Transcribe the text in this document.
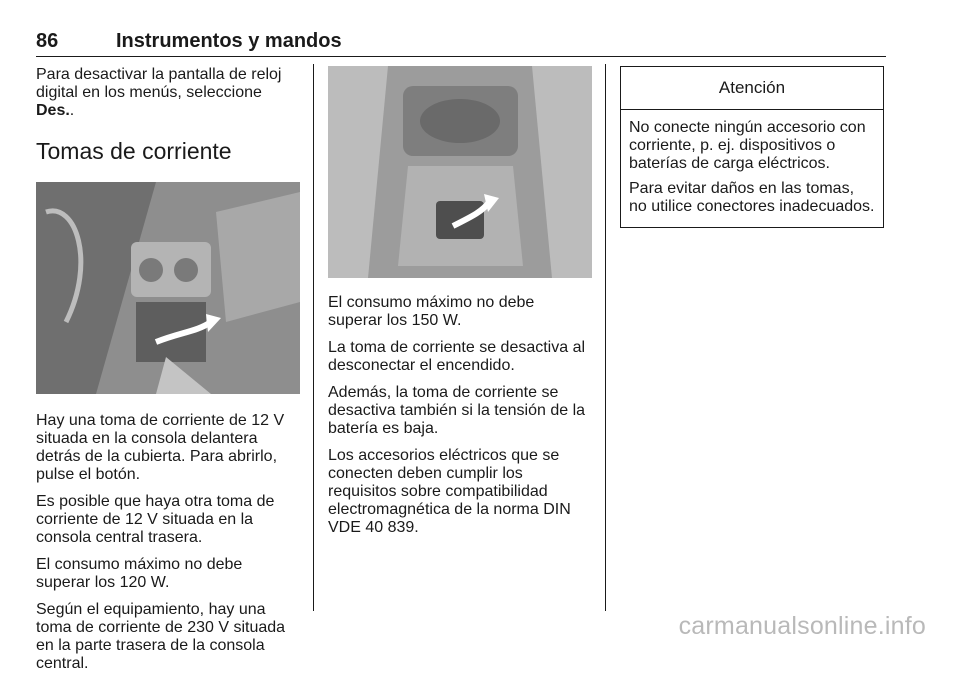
86	Instrumentos y mandos

Para desactivar la pantalla de reloj digital en los menús, seleccione Des..

Tomas de corriente

Hay una toma de corriente de 12 V situada en la consola delantera detrás de la cubierta. Para abrirlo, pulse el botón.

Es posible que haya otra toma de corriente de 12 V situada en la consola central trasera.

El consumo máximo no debe superar los 120 W.

Según el equipamiento, hay una toma de corriente de 230 V situada en la parte trasera de la consola central.

El consumo máximo no debe superar los 150 W.

La toma de corriente se desactiva al desconectar el encendido.

Además, la toma de corriente se desactiva también si la tensión de la batería es baja.

Los accesorios eléctricos que se conecten deben cumplir los requisitos sobre compatibilidad electromagnética de la norma DIN VDE 40 839.

Atención

No conecte ningún accesorio con corriente, p. ej. dispositivos o baterías de carga eléctricos.

Para evitar daños en las tomas, no utilice conectores inadecuados.

carmanualsonline.info
